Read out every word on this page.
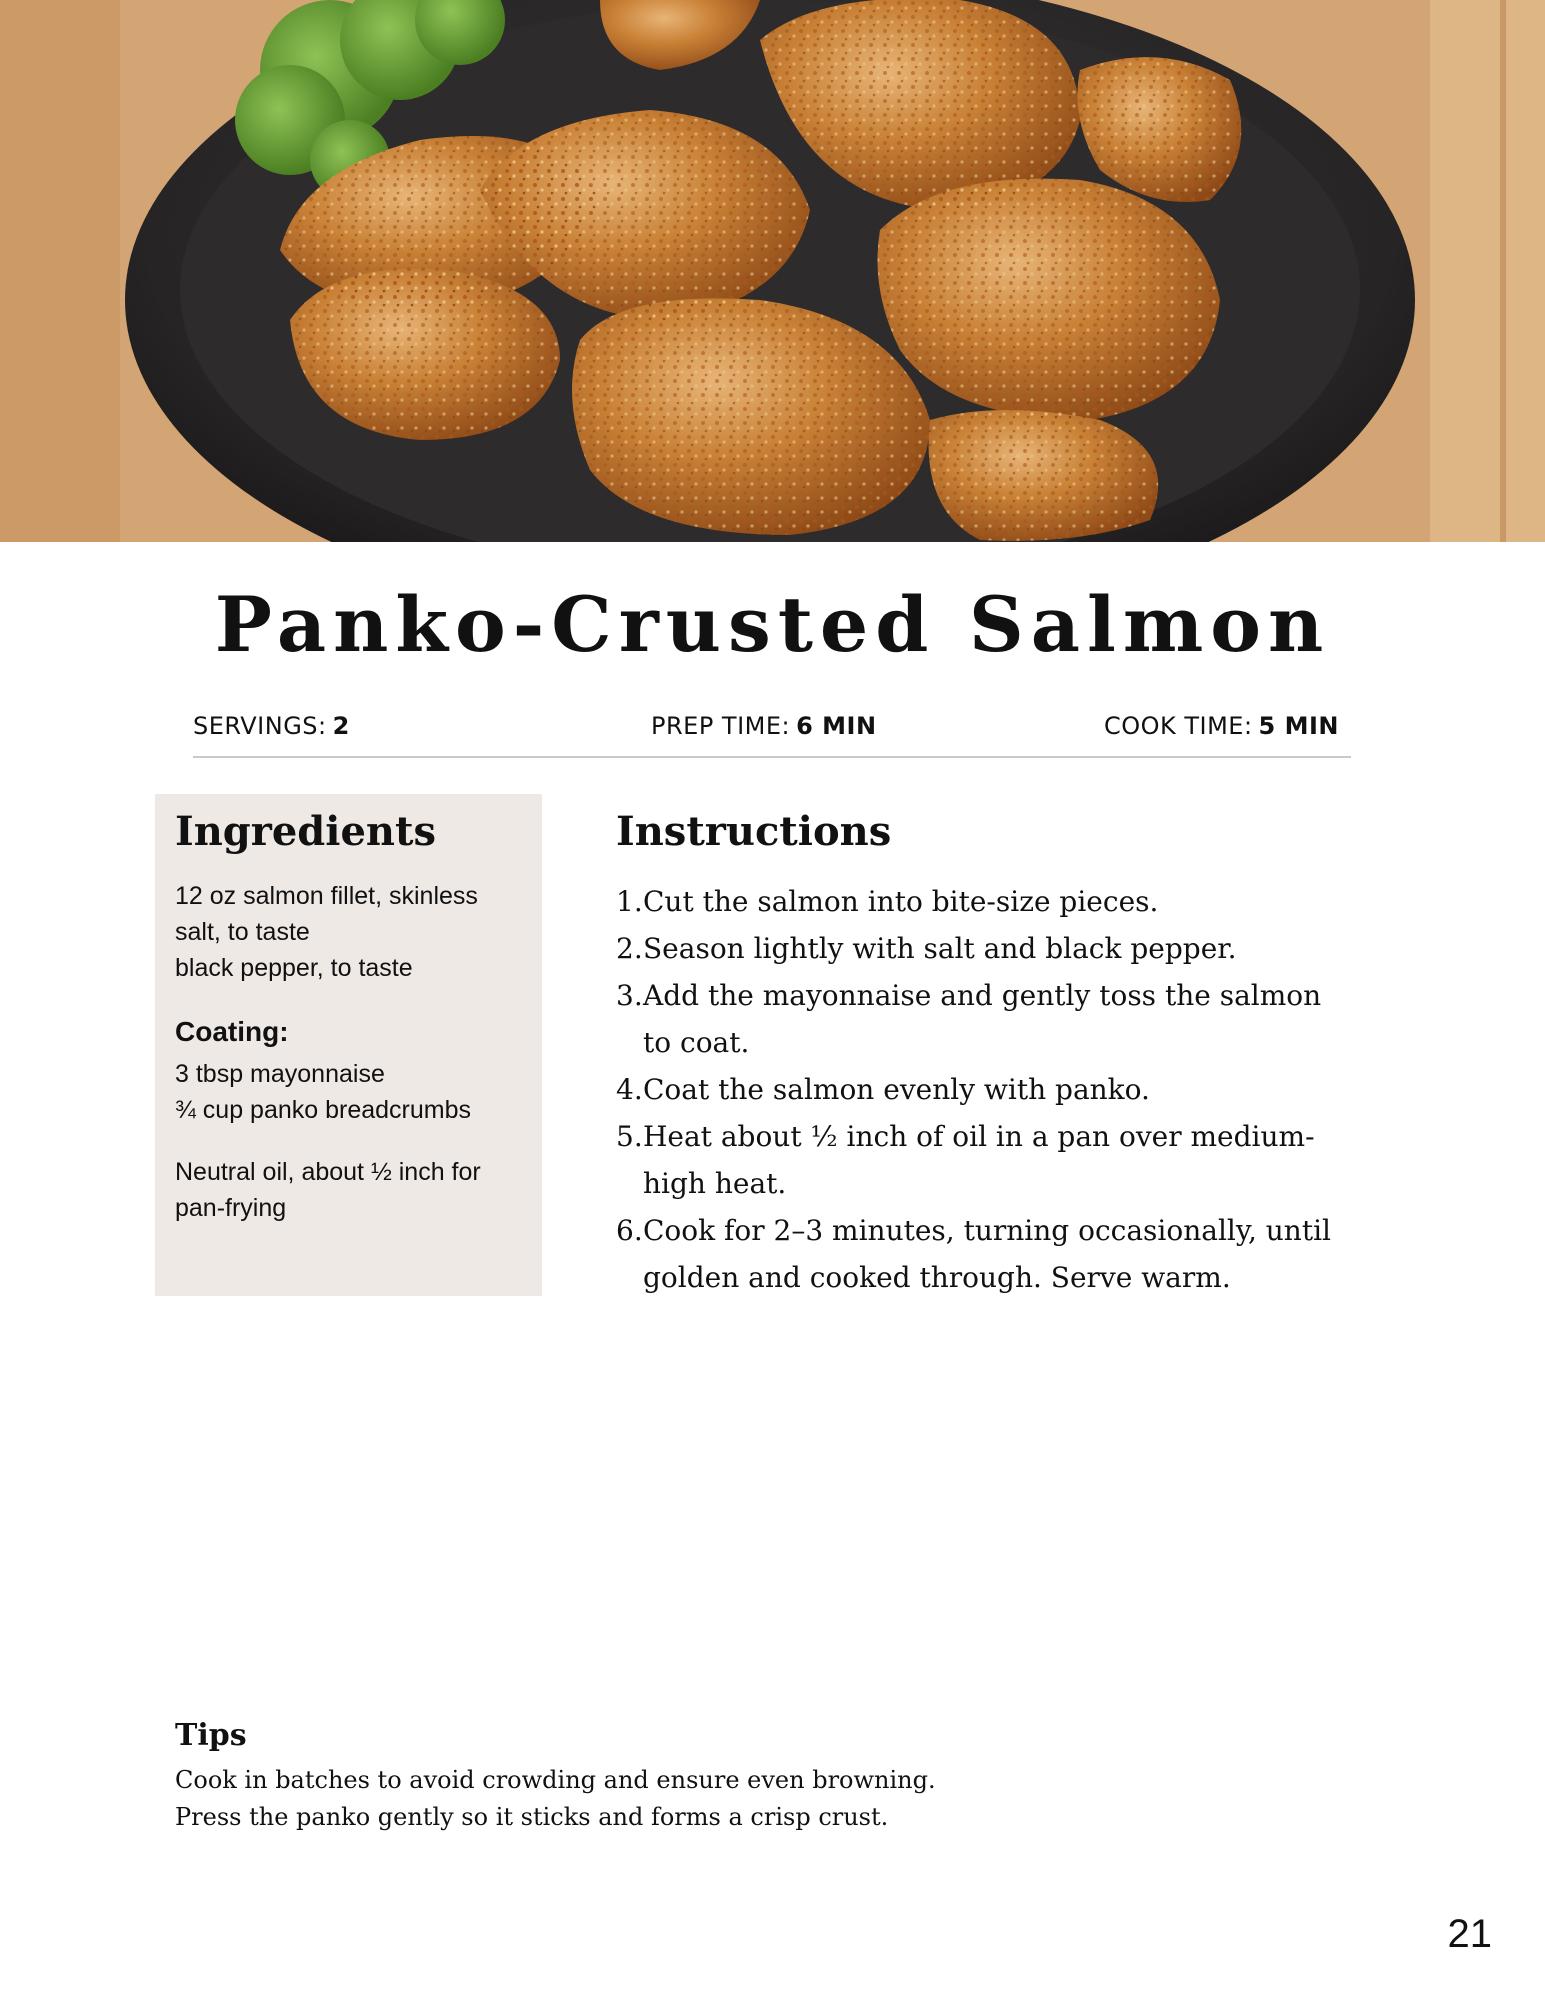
Panko-Crusted Salmon
SERVINGS: 2	PREP TIME: 6 MIN	COOK TIME: 5 MIN
Ingredients
12 oz salmon fillet, skinless
salt, to taste
black pepper, to taste
Coating:
3 tbsp mayonnaise
¾ cup panko breadcrumbs
Neutral oil, about ½ inch for pan-frying
Instructions
1. Cut the salmon into bite-size pieces.
2. Season lightly with salt and black pepper.
3. Add the mayonnaise and gently toss the salmon to coat.
4. Coat the salmon evenly with panko.
5. Heat about ½ inch of oil in a pan over medium-high heat.
6. Cook for 2–3 minutes, turning occasionally, until golden and cooked through. Serve warm.
Tips
Cook in batches to avoid crowding and ensure even browning.
Press the panko gently so it sticks and forms a crisp crust.
21
